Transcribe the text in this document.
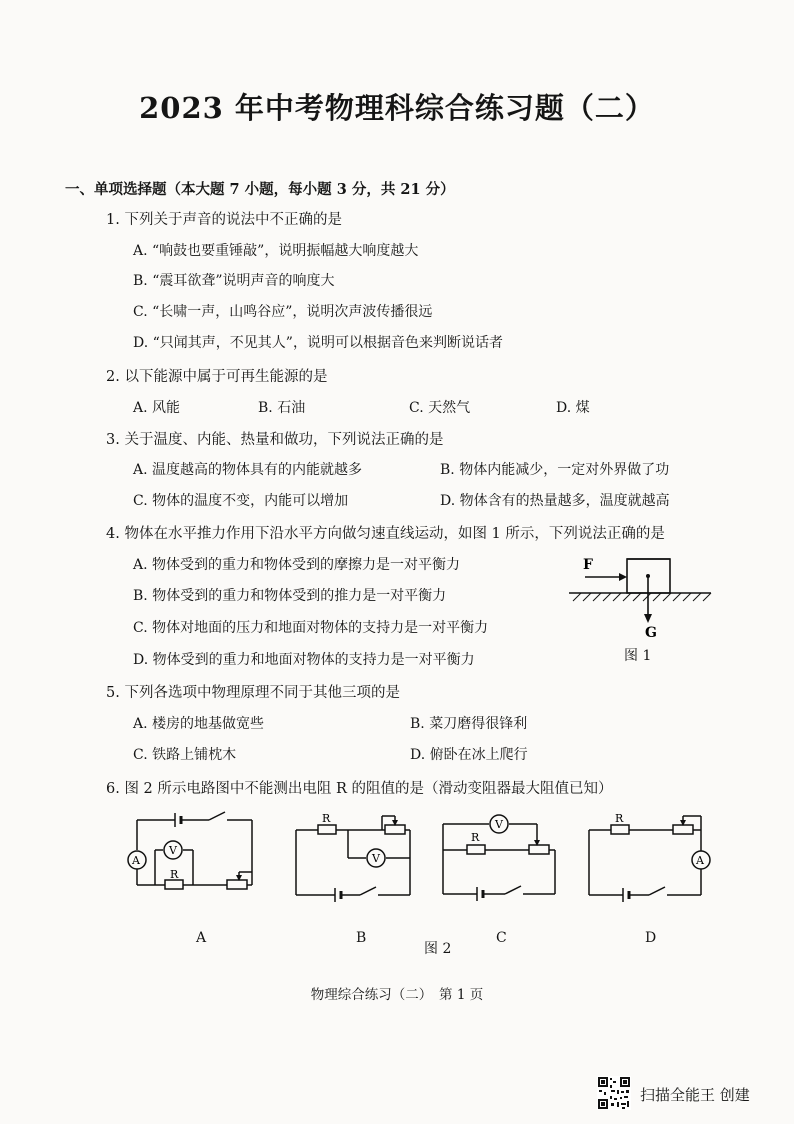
2023 年中考物理科综合练习题（二）
一、单项选择题（本大题 7 小题，每小题 3 分，共 21 分）
1. 下列关于声音的说法中不正确的是
A. “响鼓也要重锤敲”，说明振幅越大响度越大
B. “震耳欲聋”说明声音的响度大
C. “长啸一声，山鸣谷应”，说明次声波传播很远
D. “只闻其声，不见其人”，说明可以根据音色来判断说话者
2. 以下能源中属于可再生能源的是
A. 风能	B. 石油	C. 天然气	D. 煤
3. 关于温度、内能、热量和做功，下列说法正确的是
A. 温度越高的物体具有的内能就越多	B. 物体内能减少，一定对外界做了功
C. 物体的温度不变，内能可以增加	D. 物体含有的热量越多，温度就越高
4. 物体在水平推力作用下沿水平方向做匀速直线运动，如图 1 所示，下列说法正确的是
A. 物体受到的重力和物体受到的摩擦力是一对平衡力
B. 物体受到的重力和物体受到的推力是一对平衡力
C. 物体对地面的压力和地面对物体的支持力是一对平衡力
D. 物体受到的重力和地面对物体的支持力是一对平衡力
F
G
图 1
5. 下列各选项中物理原理不同于其他三项的是
A. 楼房的地基做宽些	B. 菜刀磨得很锋利
C. 铁路上铺枕木	D. 俯卧在冰上爬行
6. 图 2 所示电路图中不能测出电阻 R 的阻值的是（滑动变阻器最大阻值已知）
A
V
R
R
V
V
R
R
A
A	B
图 2
C	D
物理综合练习（二）　第 1 页
扫描全能王 创建
